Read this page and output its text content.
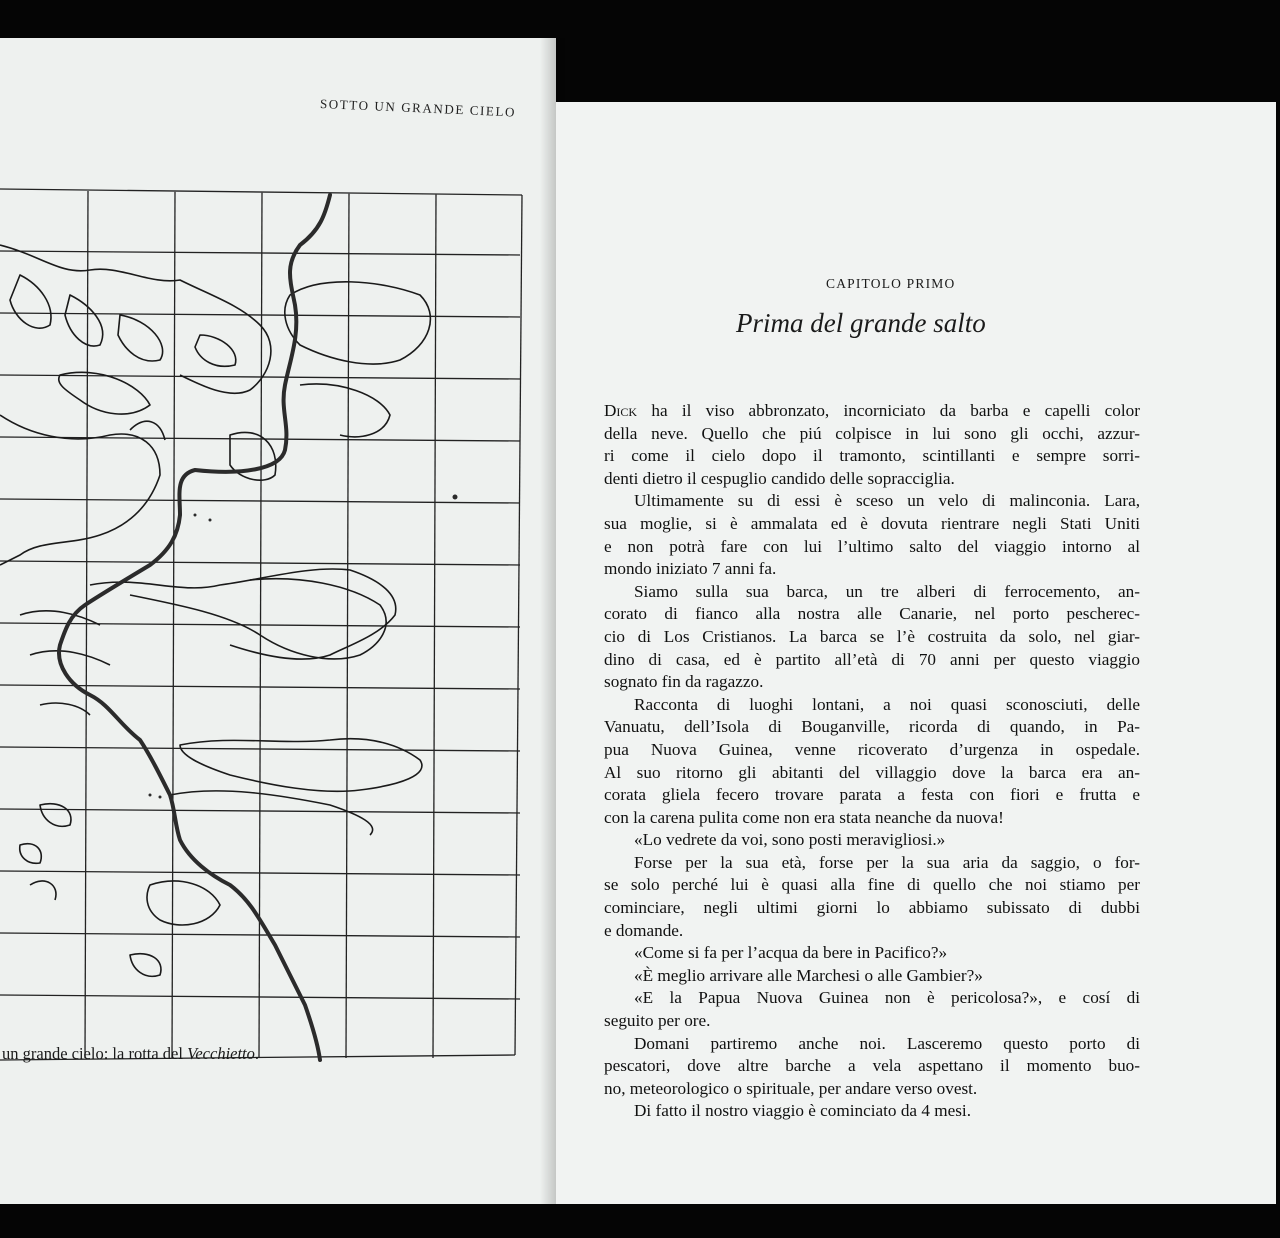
SOTTO UN GRANDE CIELO
un grande cielo: la rotta del Vecchietto.
CAPITOLO PRIMO
Prima del grande salto
Dick ha il viso abbronzato, incorniciato da barba e capelli color
della neve. Quello che piú colpisce in lui sono gli occhi, azzur-
ri come il cielo dopo il tramonto, scintillanti e sempre sorri-
denti dietro il cespuglio candido delle sopracciglia.
Ultimamente su di essi è sceso un velo di malinconia. Lara,
sua moglie, si è ammalata ed è dovuta rientrare negli Stati Uniti
e non potrà fare con lui l’ultimo salto del viaggio intorno al
mondo iniziato 7 anni fa.
Siamo sulla sua barca, un tre alberi di ferrocemento, an-
corato di fianco alla nostra alle Canarie, nel porto pescherec-
cio di Los Cristianos. La barca se l’è costruita da solo, nel giar-
dino di casa, ed è partito all’età di 70 anni per questo viaggio
sognato fin da ragazzo.
Racconta di luoghi lontani, a noi quasi sconosciuti, delle
Vanuatu, dell’Isola di Bouganville, ricorda di quando, in Pa-
pua Nuova Guinea, venne ricoverato d’urgenza in ospedale.
Al suo ritorno gli abitanti del villaggio dove la barca era an-
corata gliela fecero trovare parata a festa con fiori e frutta e
con la carena pulita come non era stata neanche da nuova!
«Lo vedrete da voi, sono posti meravigliosi.»
Forse per la sua età, forse per la sua aria da saggio, o for-
se solo perché lui è quasi alla fine di quello che noi stiamo per
cominciare, negli ultimi giorni lo abbiamo subissato di dubbi
e domande.
«Come si fa per l’acqua da bere in Pacifico?»
«È meglio arrivare alle Marchesi o alle Gambier?»
«E la Papua Nuova Guinea non è pericolosa?», e cosí di
seguito per ore.
Domani partiremo anche noi. Lasceremo questo porto di
pescatori, dove altre barche a vela aspettano il momento buo-
no, meteorologico o spirituale, per andare verso ovest.
Di fatto il nostro viaggio è cominciato da 4 mesi.
